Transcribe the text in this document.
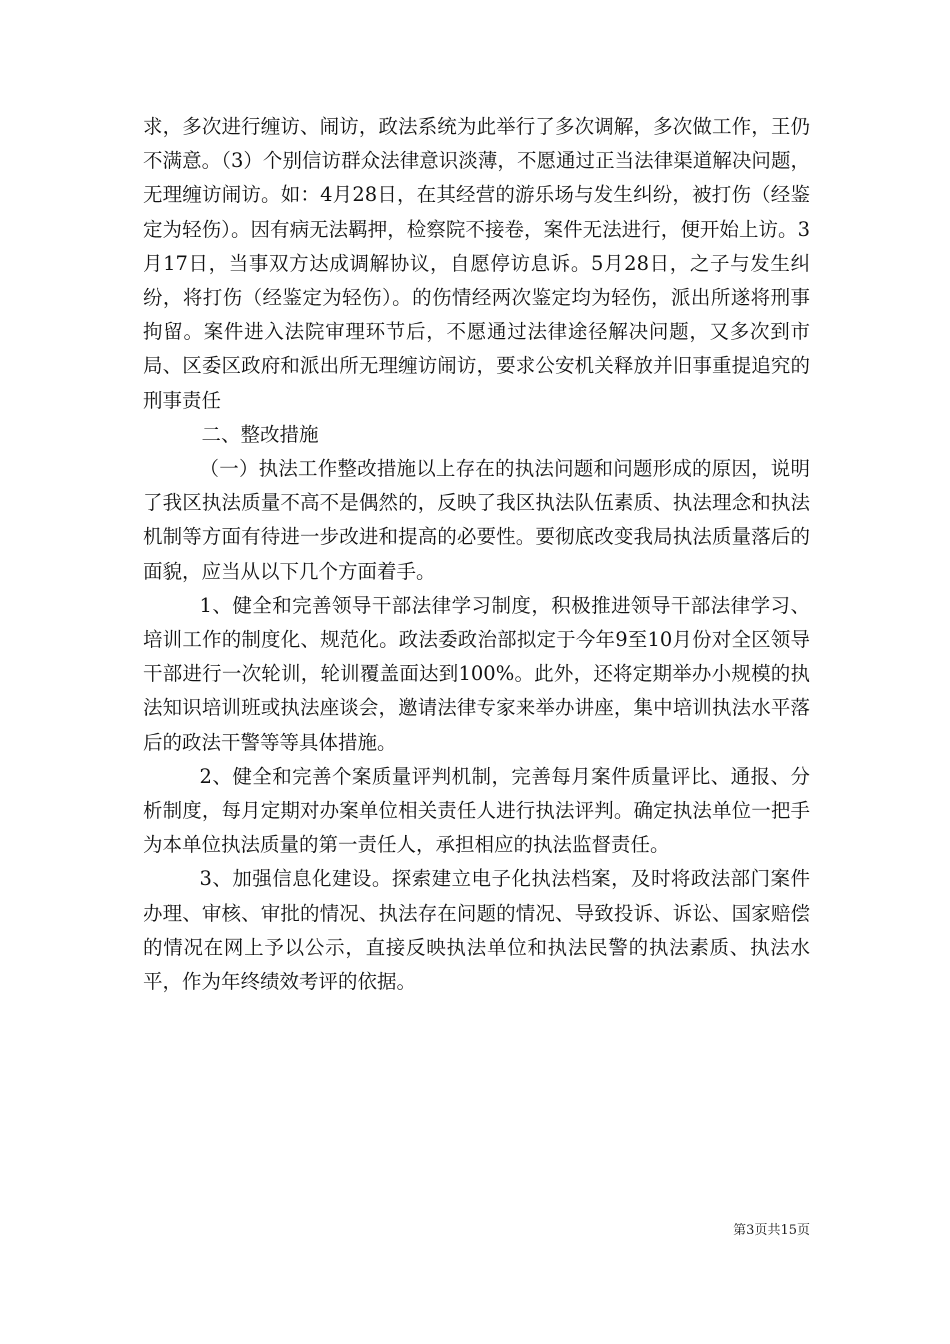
求，多次进行缠访、闹访，政法系统为此举行了多次调解，多次做工作，王仍不满意。（3）个别信访群众法律意识淡薄，不愿通过正当法律渠道解决问题，无理缠访闹访。如：4月28日，在其经营的游乐场与发生纠纷，被打伤（经鉴定为轻伤）。因有病无法羁押，检察院不接卷，案件无法进行，便开始上访。3月17日，当事双方达成调解协议，自愿停访息诉。5月28日，之子与发生纠纷，将打伤（经鉴定为轻伤）。的伤情经两次鉴定均为轻伤，派出所遂将刑事拘留。案件进入法院审理环节后，不愿通过法律途径解决问题，又多次到市局、区委区政府和派出所无理缠访闹访，要求公安机关释放并旧事重提追究的刑事责任

二、整改措施

（一）执法工作整改措施以上存在的执法问题和问题形成的原因，说明了我区执法质量不高不是偶然的，反映了我区执法队伍素质、执法理念和执法机制等方面有待进一步改进和提高的必要性。要彻底改变我局执法质量落后的面貌，应当从以下几个方面着手。

1、健全和完善领导干部法律学习制度，积极推进领导干部法律学习、培训工作的制度化、规范化。政法委政治部拟定于今年9至10月份对全区领导干部进行一次轮训，轮训覆盖面达到100%。此外，还将定期举办小规模的执法知识培训班或执法座谈会，邀请法律专家来举办讲座，集中培训执法水平落后的政法干警等等具体措施。

2、健全和完善个案质量评判机制，完善每月案件质量评比、通报、分析制度，每月定期对办案单位相关责任人进行执法评判。确定执法单位一把手为本单位执法质量的第一责任人，承担相应的执法监督责任。

3、加强信息化建设。探索建立电子化执法档案，及时将政法部门案件办理、审核、审批的情况、执法存在问题的情况、导致投诉、诉讼、国家赔偿的情况在网上予以公示，直接反映执法单位和执法民警的执法素质、执法水平，作为年终绩效考评的依据。

第3页共15页
